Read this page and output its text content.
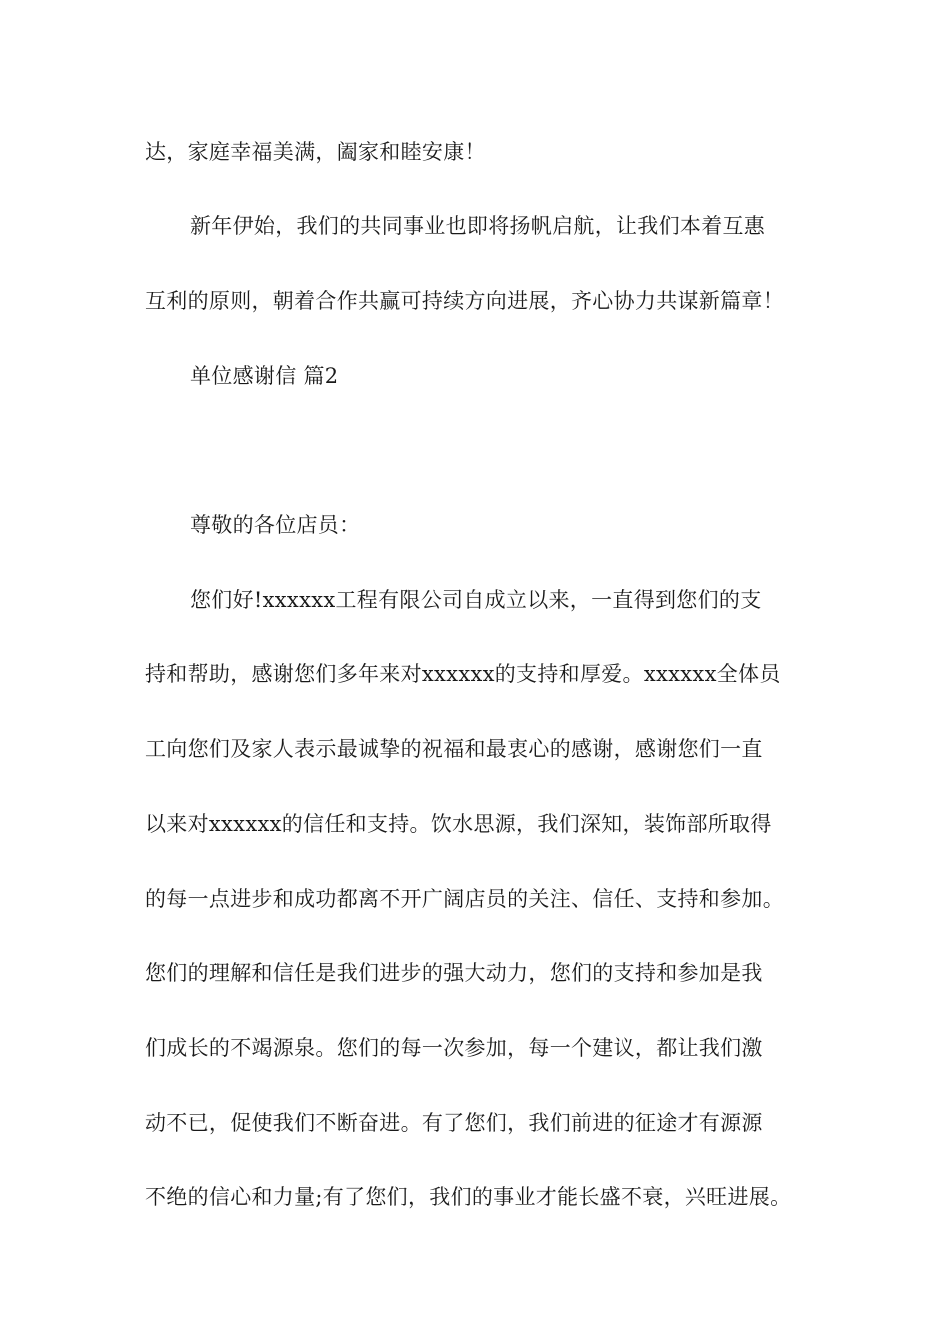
达，家庭幸福美满，阖家和睦安康！
新年伊始，我们的共同事业也即将扬帆启航，让我们本着互惠
互利的原则，朝着合作共赢可持续方向进展，齐心协力共谋新篇章！
单位感谢信 篇2
尊敬的各位店员：
您们好!xxxxxx工程有限公司自成立以来，一直得到您们的支
持和帮助，感谢您们多年来对xxxxxx的支持和厚爱。xxxxxx全体员
工向您们及家人表示最诚挚的祝福和最衷心的感谢，感谢您们一直
以来对xxxxxx的信任和支持。饮水思源，我们深知，装饰部所取得
的每一点进步和成功都离不开广阔店员的关注、信任、支持和参加。
您们的理解和信任是我们进步的强大动力，您们的支持和参加是我
们成长的不竭源泉。您们的每一次参加，每一个建议，都让我们激
动不已，促使我们不断奋进。有了您们，我们前进的征途才有源源
不绝的信心和力量;有了您们，我们的事业才能长盛不衰，兴旺进展。
